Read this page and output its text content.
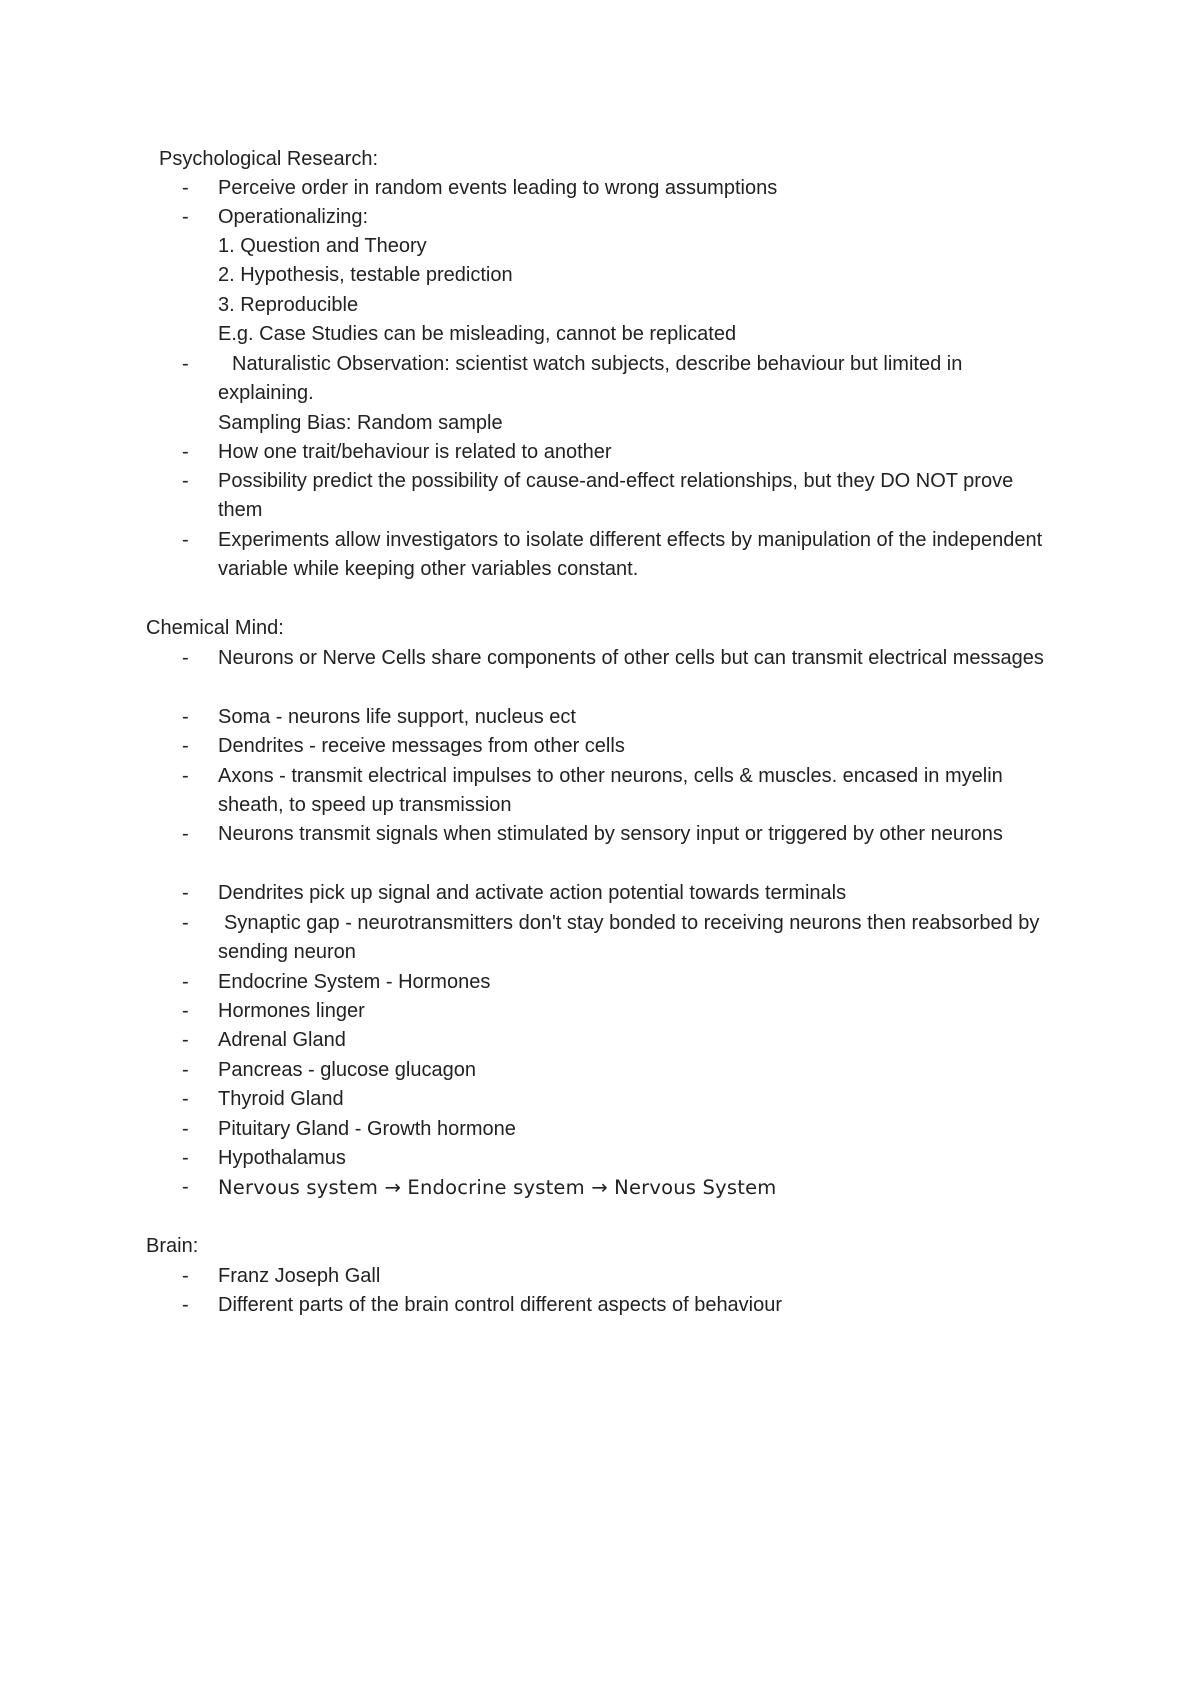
Psychological Research:
- Perceive order in random events leading to wrong assumptions
- Operationalizing:
1. Question and Theory
2. Hypothesis, testable prediction
3. Reproducible
E.g. Case Studies can be misleading, cannot be replicated
-	Naturalistic Observation: scientist watch subjects, describe behaviour but limited in explaining.
Sampling Bias: Random sample
- How one trait/behaviour is related to another
- Possibility predict the possibility of cause-and-effect relationships, but they DO NOT prove them
- Experiments allow investigators to isolate different effects by manipulation of the independent variable while keeping other variables constant.
Chemical Mind:
- Neurons or Nerve Cells share components of other cells but can transmit electrical messages
- Soma - neurons life support, nucleus ect
- Dendrites - receive messages from other cells
- Axons - transmit electrical impulses to other neurons, cells & muscles. encased in myelin sheath, to speed up transmission
- Neurons transmit signals when stimulated by sensory input or triggered by other neurons
- Dendrites pick up signal and activate action potential towards terminals
-	Synaptic gap - neurotransmitters don't stay bonded to receiving neurons then reabsorbed by sending neuron
- Endocrine System - Hormones
- Hormones linger
- Adrenal Gland
- Pancreas - glucose glucagon
- Thyroid Gland
- Pituitary Gland - Growth hormone
- Hypothalamus
- Nervous system → Endocrine system → Nervous System
Brain:
- Franz Joseph Gall
- Different parts of the brain control different aspects of behaviour
